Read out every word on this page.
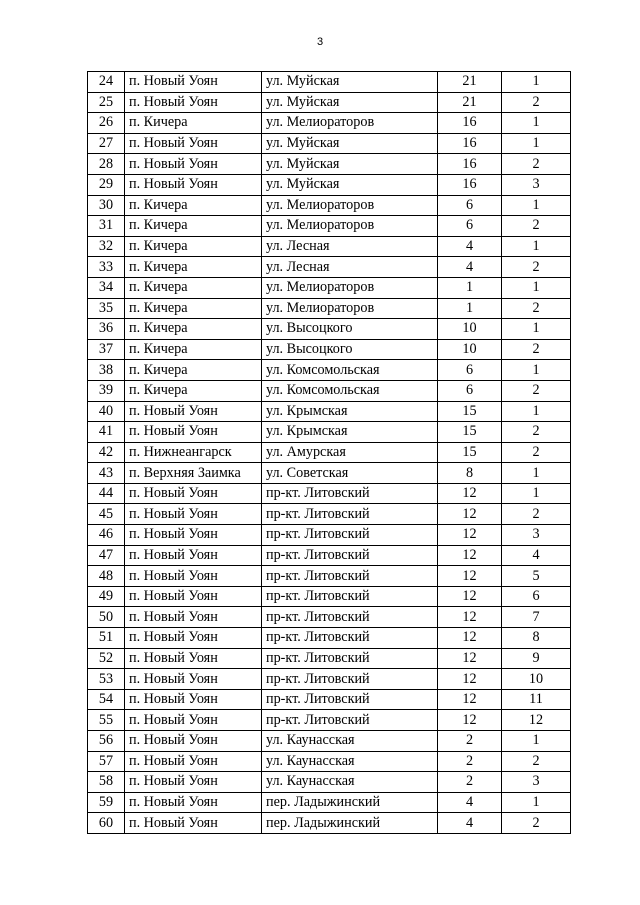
3
24	п. Новый Уоян	ул. Муйская	21	1
25	п. Новый Уоян	ул. Муйская	21	2
26	п. Кичера	ул. Мелиораторов	16	1
27	п. Новый Уоян	ул. Муйская	16	1
28	п. Новый Уоян	ул. Муйская	16	2
29	п. Новый Уоян	ул. Муйская	16	3
30	п. Кичера	ул. Мелиораторов	6	1
31	п. Кичера	ул. Мелиораторов	6	2
32	п. Кичера	ул. Лесная	4	1
33	п. Кичера	ул. Лесная	4	2
34	п. Кичера	ул. Мелиораторов	1	1
35	п. Кичера	ул. Мелиораторов	1	2
36	п. Кичера	ул. Высоцкого	10	1
37	п. Кичера	ул. Высоцкого	10	2
38	п. Кичера	ул. Комсомольская	6	1
39	п. Кичера	ул. Комсомольская	6	2
40	п. Новый Уоян	ул. Крымская	15	1
41	п. Новый Уоян	ул. Крымская	15	2
42	п. Нижнеангарск	ул. Амурская	15	2
43	п. Верхняя Заимка	ул. Советская	8	1
44	п. Новый Уоян	пр-кт. Литовский	12	1
45	п. Новый Уоян	пр-кт. Литовский	12	2
46	п. Новый Уоян	пр-кт. Литовский	12	3
47	п. Новый Уоян	пр-кт. Литовский	12	4
48	п. Новый Уоян	пр-кт. Литовский	12	5
49	п. Новый Уоян	пр-кт. Литовский	12	6
50	п. Новый Уоян	пр-кт. Литовский	12	7
51	п. Новый Уоян	пр-кт. Литовский	12	8
52	п. Новый Уоян	пр-кт. Литовский	12	9
53	п. Новый Уоян	пр-кт. Литовский	12	10
54	п. Новый Уоян	пр-кт. Литовский	12	11
55	п. Новый Уоян	пр-кт. Литовский	12	12
56	п. Новый Уоян	ул. Каунасская	2	1
57	п. Новый Уоян	ул. Каунасская	2	2
58	п. Новый Уоян	ул. Каунасская	2	3
59	п. Новый Уоян	пер. Ладыжинский	4	1
60	п. Новый Уоян	пер. Ладыжинский	4	2
